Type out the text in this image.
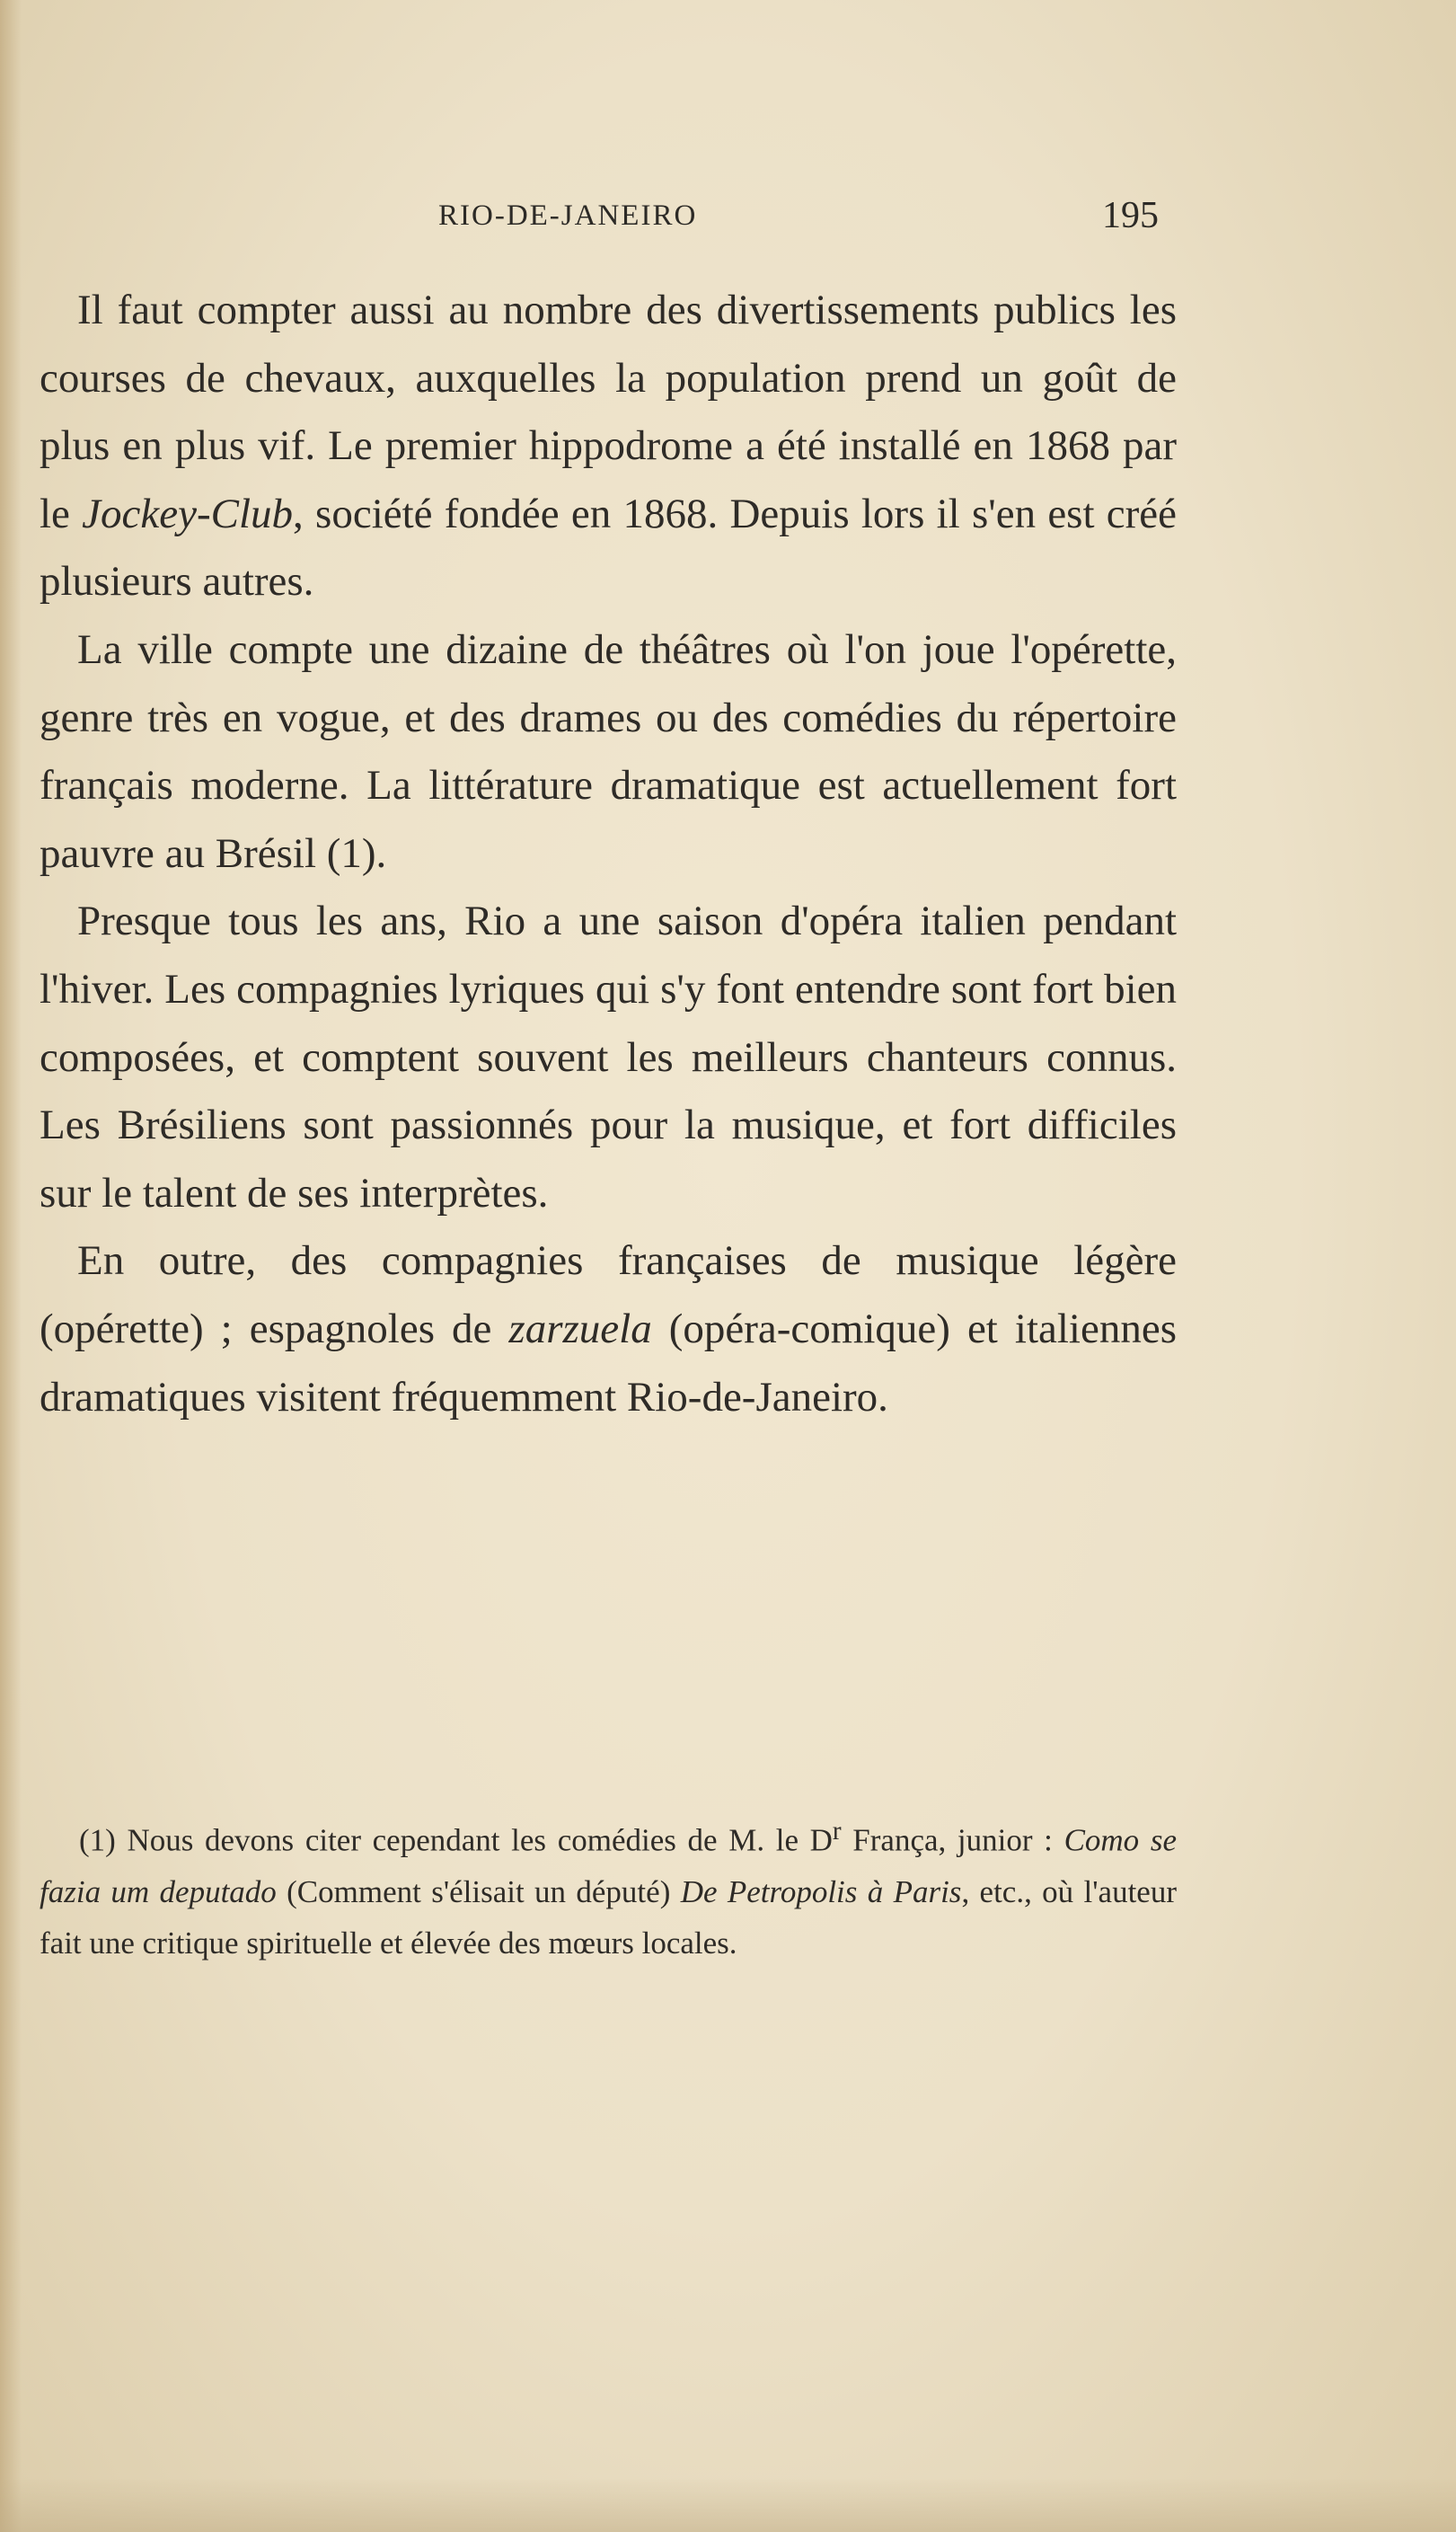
RIO-DE-JANEIRO	195

Il faut compter aussi au nombre des divertissements publics les courses de chevaux, auxquelles la population prend un goût de plus en plus vif. Le premier hippodrome a été installé en 1868 par le Jockey-Club, société fondée en 1868. Depuis lors il s'en est créé plusieurs autres.

La ville compte une dizaine de théâtres où l'on joue l'opérette, genre très en vogue, et des drames ou des comédies du répertoire français moderne. La littérature dramatique est actuellement fort pauvre au Brésil (1).

Presque tous les ans, Rio a une saison d'opéra italien pendant l'hiver. Les compagnies lyriques qui s'y font entendre sont fort bien composées, et comptent souvent les meilleurs chanteurs connus. Les Brésiliens sont passionnés pour la musique, et fort difficiles sur le talent de ses interprètes.

En outre, des compagnies françaises de musique légère (opérette) ; espagnoles de zarzuela (opéra-comique) et italiennes dramatiques visitent fréquemment Rio-de-Janeiro.

(1) Nous devons citer cependant les comédies de M. le $D^r$ França, junior : Como se fazia um deputado (Comment s'élisait un député) De Petropolis à Paris, etc., où l'auteur fait une critique spirituelle et élevée des mœurs locales.
